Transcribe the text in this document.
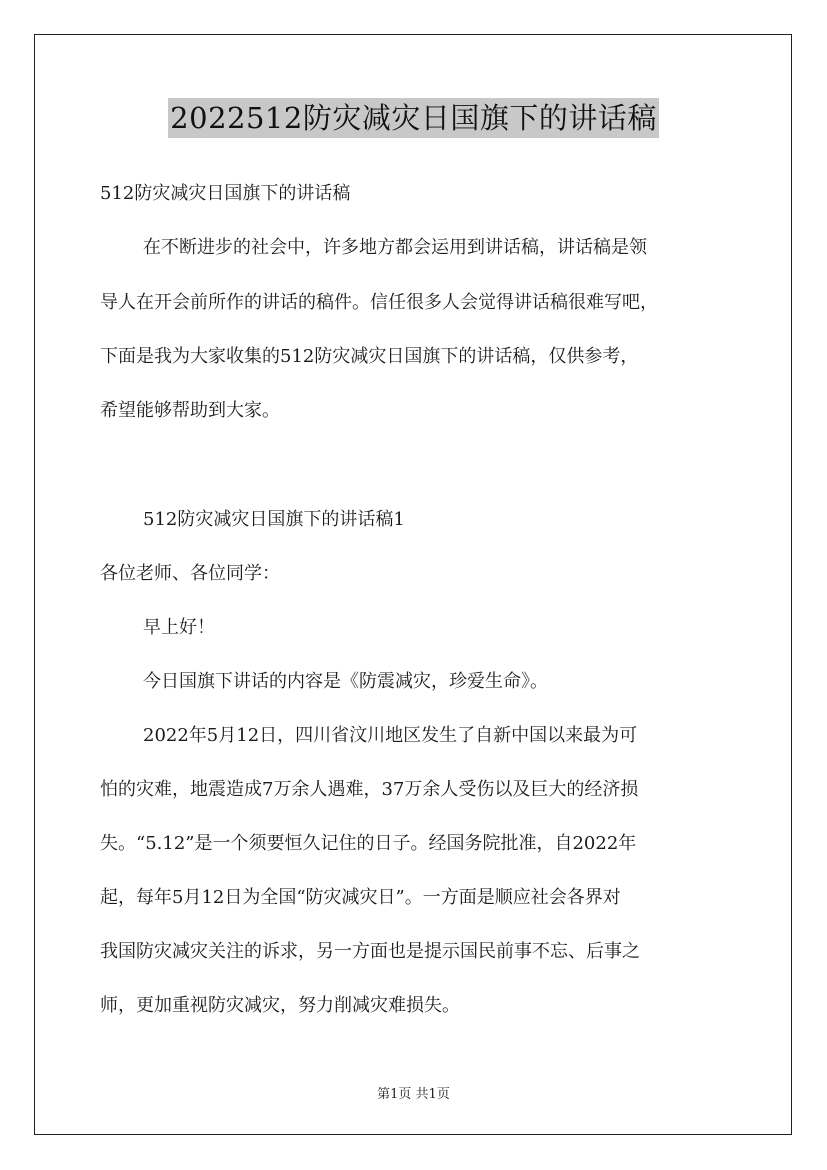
2022512防灾减灾日国旗下的讲话稿
512防灾减灾日国旗下的讲话稿
在不断进步的社会中，许多地方都会运用到讲话稿，讲话稿是领
导人在开会前所作的讲话的稿件。信任很多人会觉得讲话稿很难写吧，
下面是我为大家收集的512防灾减灾日国旗下的讲话稿，仅供参考，
希望能够帮助到大家。
512防灾减灾日国旗下的讲话稿1
各位老师、各位同学：
早上好！
今日国旗下讲话的内容是《防震减灾，珍爱生命》。
2022年5月12日，四川省汶川地区发生了自新中国以来最为可
怕的灾难，地震造成7万余人遇难，37万余人受伤以及巨大的经济损
失。“5.12”是一个须要恒久记住的日子。经国务院批准，自2022年
起，每年5月12日为全国“防灾减灾日”。一方面是顺应社会各界对
我国防灾减灾关注的诉求，另一方面也是提示国民前事不忘、后事之
师，更加重视防灾减灾，努力削减灾难损失。
第1页 共1页
